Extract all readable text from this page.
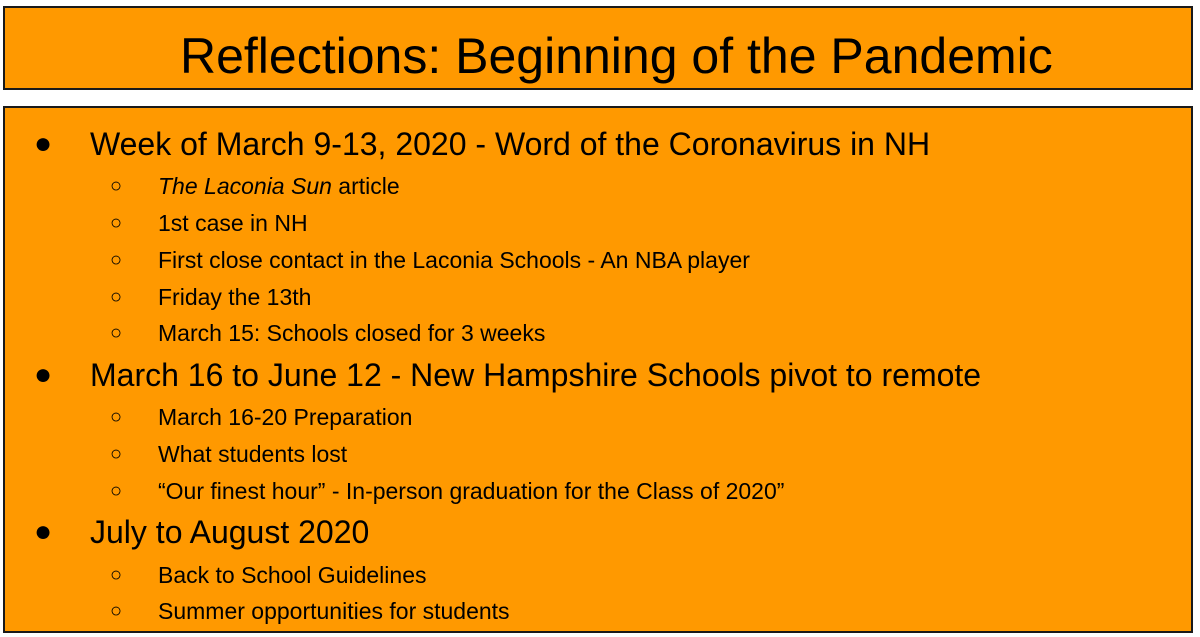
Reflections: Beginning of the Pandemic
● Week of March 9-13, 2020 - Word of the Coronavirus in NH
○ The Laconia Sun article
○ 1st case in NH
○ First close contact in the Laconia Schools - An NBA player
○ Friday the 13th
○ March 15: Schools closed for 3 weeks
● March 16 to June 12 - New Hampshire Schools pivot to remote
○ March 16-20 Preparation
○ What students lost
○ “Our finest hour” - In-person graduation for the Class of 2020”
● July to August 2020
○ Back to School Guidelines
○ Summer opportunities for students
